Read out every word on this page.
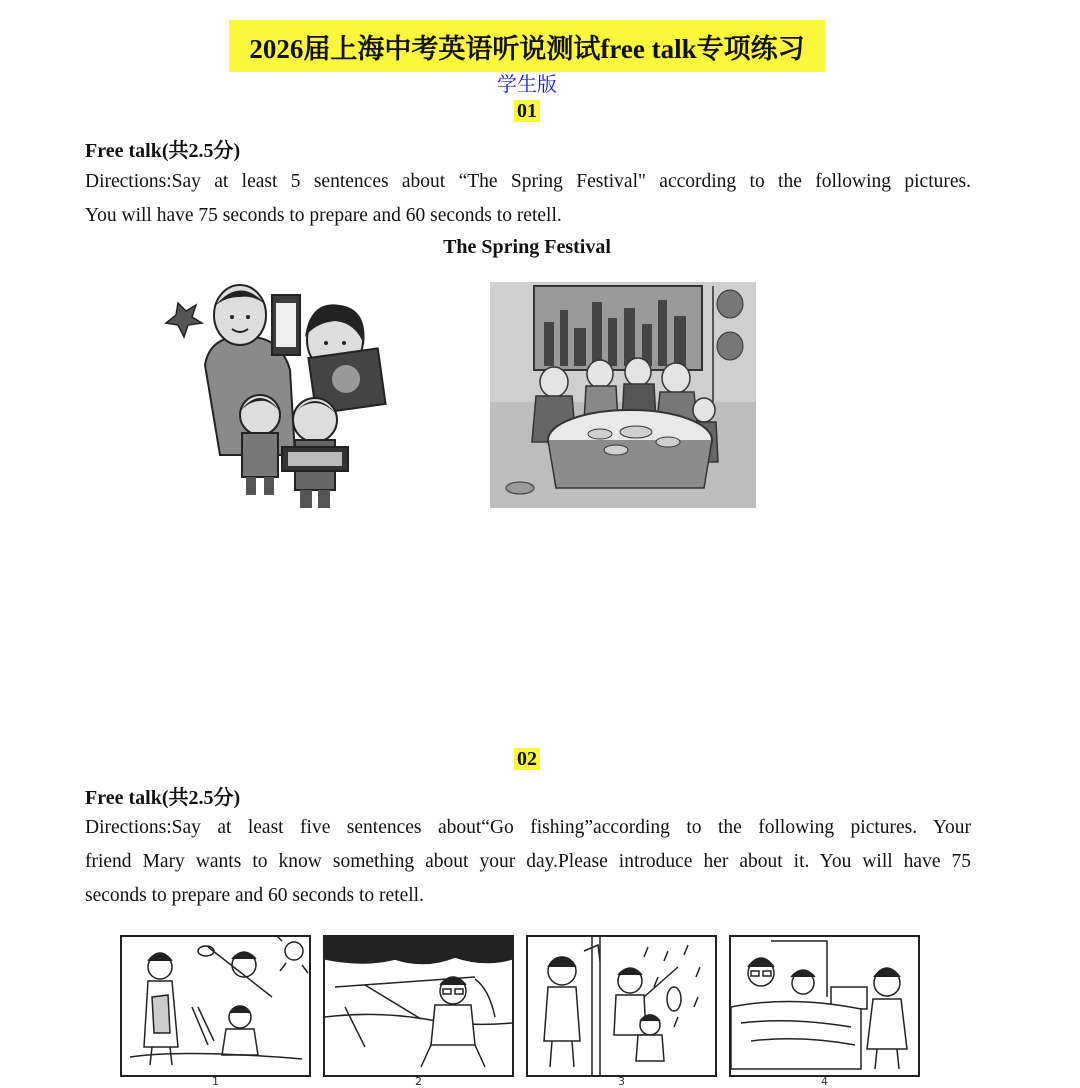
2026届上海中考英语听说测试free talk专项练习
学生版
01
Free talk(共2.5分)
Directions:Say at least 5 sentences about “The Spring Festival" according to the following pictures.
You will have 75 seconds to prepare and 60 seconds to retell.
The Spring Festival
02
Free talk(共2.5分)
Directions:Say at least five sentences about“Go fishing”according to the following pictures. Your
friend Mary wants to know something about your day.Please introduce her about it. You will have 75
seconds to prepare and 60 seconds to retell.
1	2	3	4
